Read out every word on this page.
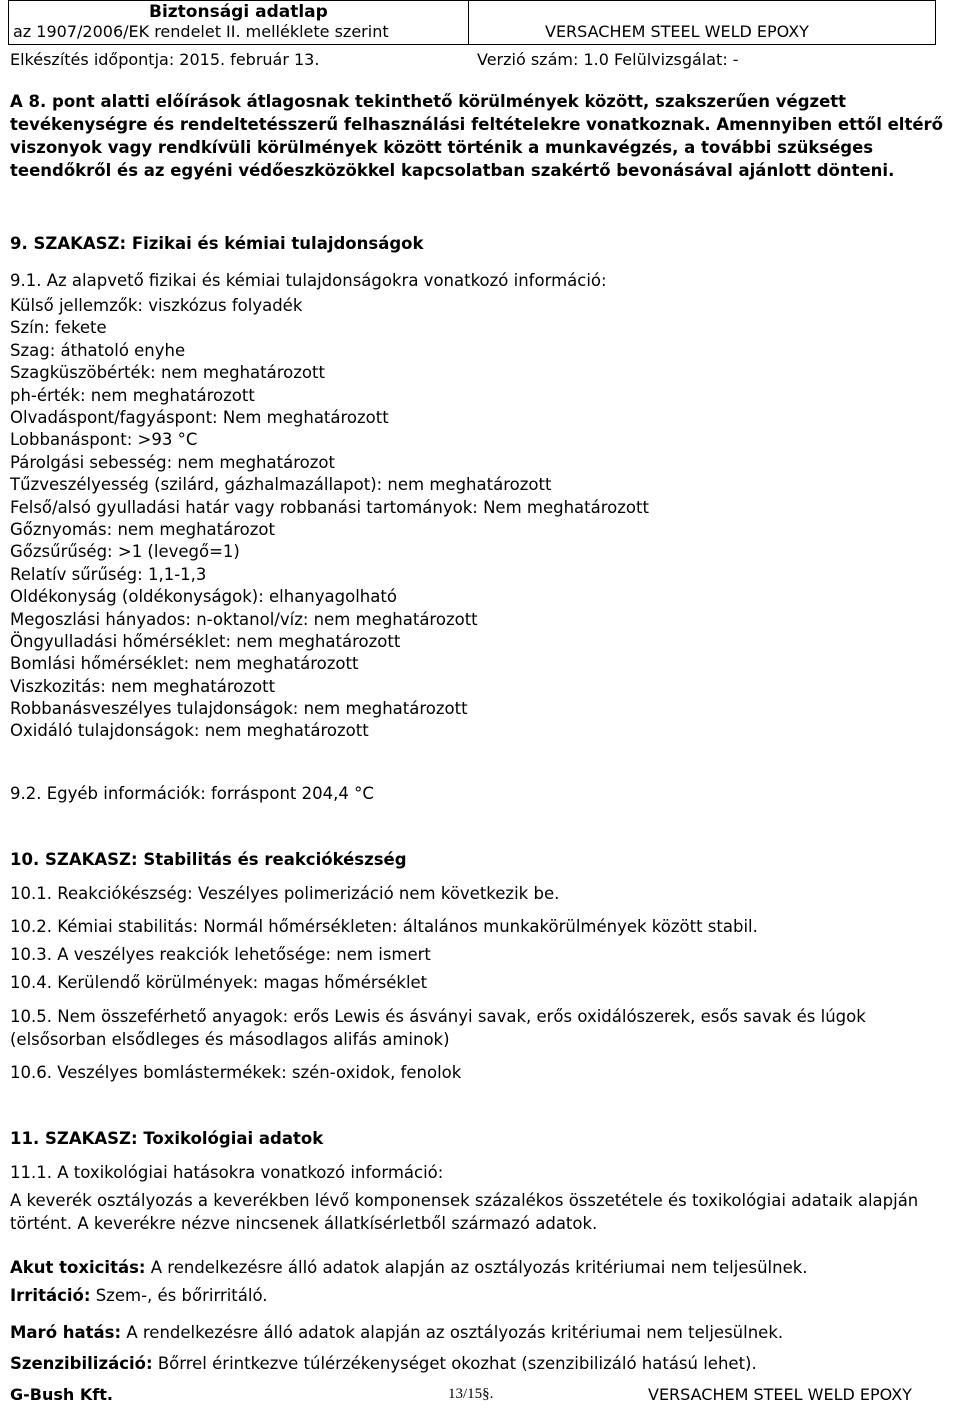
Biztonsági adatlap
az 1907/2006/EK rendelet II. melléklete szerint	VERSACHEM STEEL WELD EPOXY
Elkészítés időpontja: 2015. február 13.	Verzió szám: 1.0 Felülvizsgálat: -
A 8. pont alatti előírások átlagosnak tekinthető körülmények között, szakszerűen végzett tevékenységre és rendeltetésszerű felhasználási feltételekre vonatkoznak. Amennyiben ettől eltérő viszonyok vagy rendkívüli körülmények között történik a munkavégzés, a további szükséges teendőkről és az egyéni védőeszközökkel kapcsolatban szakértő bevonásával ajánlott dönteni.
9. SZAKASZ: Fizikai és kémiai tulajdonságok
9.1. Az alapvető fizikai és kémiai tulajdonságokra vonatkozó információ:
Külső jellemzők: viszkózus folyadék
Szín: fekete
Szag: áthatoló enyhe
Szagküszöbérték: nem meghatározott
ph-érték: nem meghatározott
Olvadáspont/fagyáspont: Nem meghatározott
Lobbanáspont: >93 °C
Párolgási sebesség: nem meghatározot
Tűzveszélyesség (szilárd, gázhalmazállapot): nem meghatározott
Felső/alsó gyulladási határ vagy robbanási tartományok: Nem meghatározott
Gőznyomás: nem meghatározot
Gőzsűrűség: >1 (levegő=1)
Relatív sűrűség: 1,1-1,3
Oldékonyság (oldékonyságok): elhanyagolható
Megoszlási hányados: n-oktanol/víz: nem meghatározott
Öngyulladási hőmérséklet: nem meghatározott
Bomlási hőmérséklet: nem meghatározott
Viszkozitás: nem meghatározott
Robbanásveszélyes tulajdonságok: nem meghatározott
Oxidáló tulajdonságok: nem meghatározott
9.2. Egyéb információk: forráspont 204,4 °C
10. SZAKASZ: Stabilitás és reakciókészség
10.1. Reakciókészség: Veszélyes polimerizáció nem következik be.
10.2. Kémiai stabilitás: Normál hőmérsékleten: általános munkakörülmények között stabil.
10.3. A veszélyes reakciók lehetősége: nem ismert
10.4. Kerülendő körülmények: magas hőmérséklet
10.5. Nem összeférhető anyagok: erős Lewis és ásványi savak, erős oxidálószerek, esős savak és lúgok (elsősorban elsődleges és másodlagos alifás aminok)
10.6. Veszélyes bomlástermékek: szén-oxidok, fenolok
11. SZAKASZ: Toxikológiai adatok
11.1. A toxikológiai hatásokra vonatkozó információ:
A keverék osztályozás a keverékben lévő komponensek százalékos összetétele és toxikológiai adataik alapján történt. A keverékre nézve nincsenek állatkísérletből származó adatok.
Akut toxicitás: A rendelkezésre álló adatok alapján az osztályozás kritériumai nem teljesülnek.
Irritáció: Szem-, és bőrirritáló.
Maró hatás: A rendelkezésre álló adatok alapján az osztályozás kritériumai nem teljesülnek.
Szenzibilizáció: Bőrrel érintkezve túlérzékenységet okozhat (szenzibilizáló hatású lehet).
G-Bush Kft.	13/15§.	VERSACHEM STEEL WELD EPOXY
